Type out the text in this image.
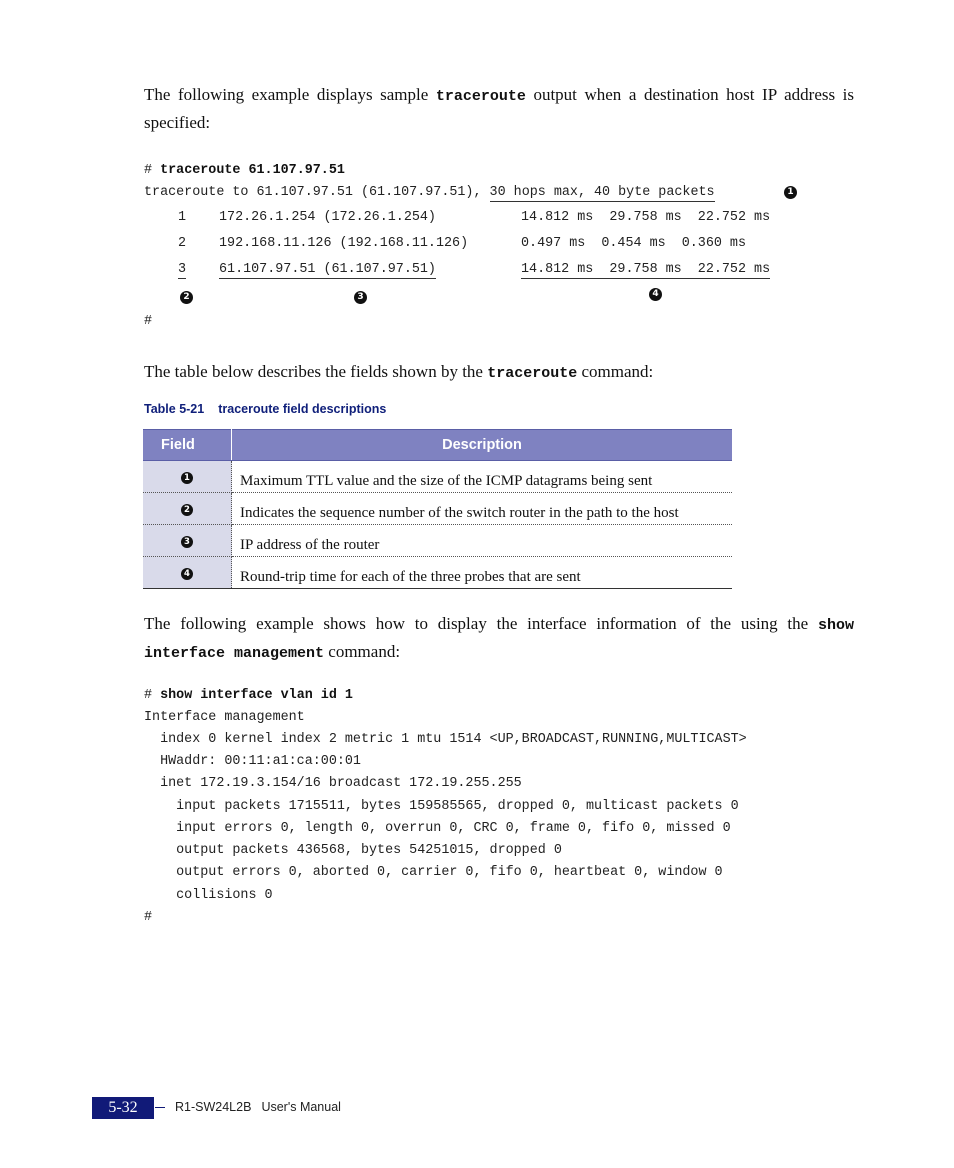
The following example displays sample traceroute output when a destination host IP address is specified:
# traceroute 61.107.97.51
traceroute to 61.107.97.51 (61.107.97.51), 30 hops max, 40 byte packets	1
1 172.26.1.254 (172.26.1.254)	14.812 ms  29.758 ms  22.752 ms
2 192.168.11.126 (192.168.11.126)	0.497 ms  0.454 ms  0.360 ms
3 61.107.97.51 (61.107.97.51)	14.812 ms  29.758 ms  22.752 ms
2	3	4
#
The table below describes the fields shown by the traceroute command:
Table 5-21 traceroute field descriptions
Field	Description
1	Maximum TTL value and the size of the ICMP datagrams being sent
2	Indicates the sequence number of the switch router in the path to the host
3	IP address of the router
4	Round-trip time for each of the three probes that are sent
The following example shows how to display the interface information of the using the show interface management command:
# show interface vlan id 1
Interface management
index 0 kernel index 2 metric 1 mtu 1514 <UP,BROADCAST,RUNNING,MULTICAST>
HWaddr: 00:11:a1:ca:00:01
inet 172.19.3.154/16 broadcast 172.19.255.255
input packets 1715511, bytes 159585565, dropped 0, multicast packets 0
input errors 0, length 0, overrun 0, CRC 0, frame 0, fifo 0, missed 0
output packets 436568, bytes 54251015, dropped 0
output errors 0, aborted 0, carrier 0, fifo 0, heartbeat 0, window 0
collisions 0
#
5-32	R1-SW24L2B User's Manual
